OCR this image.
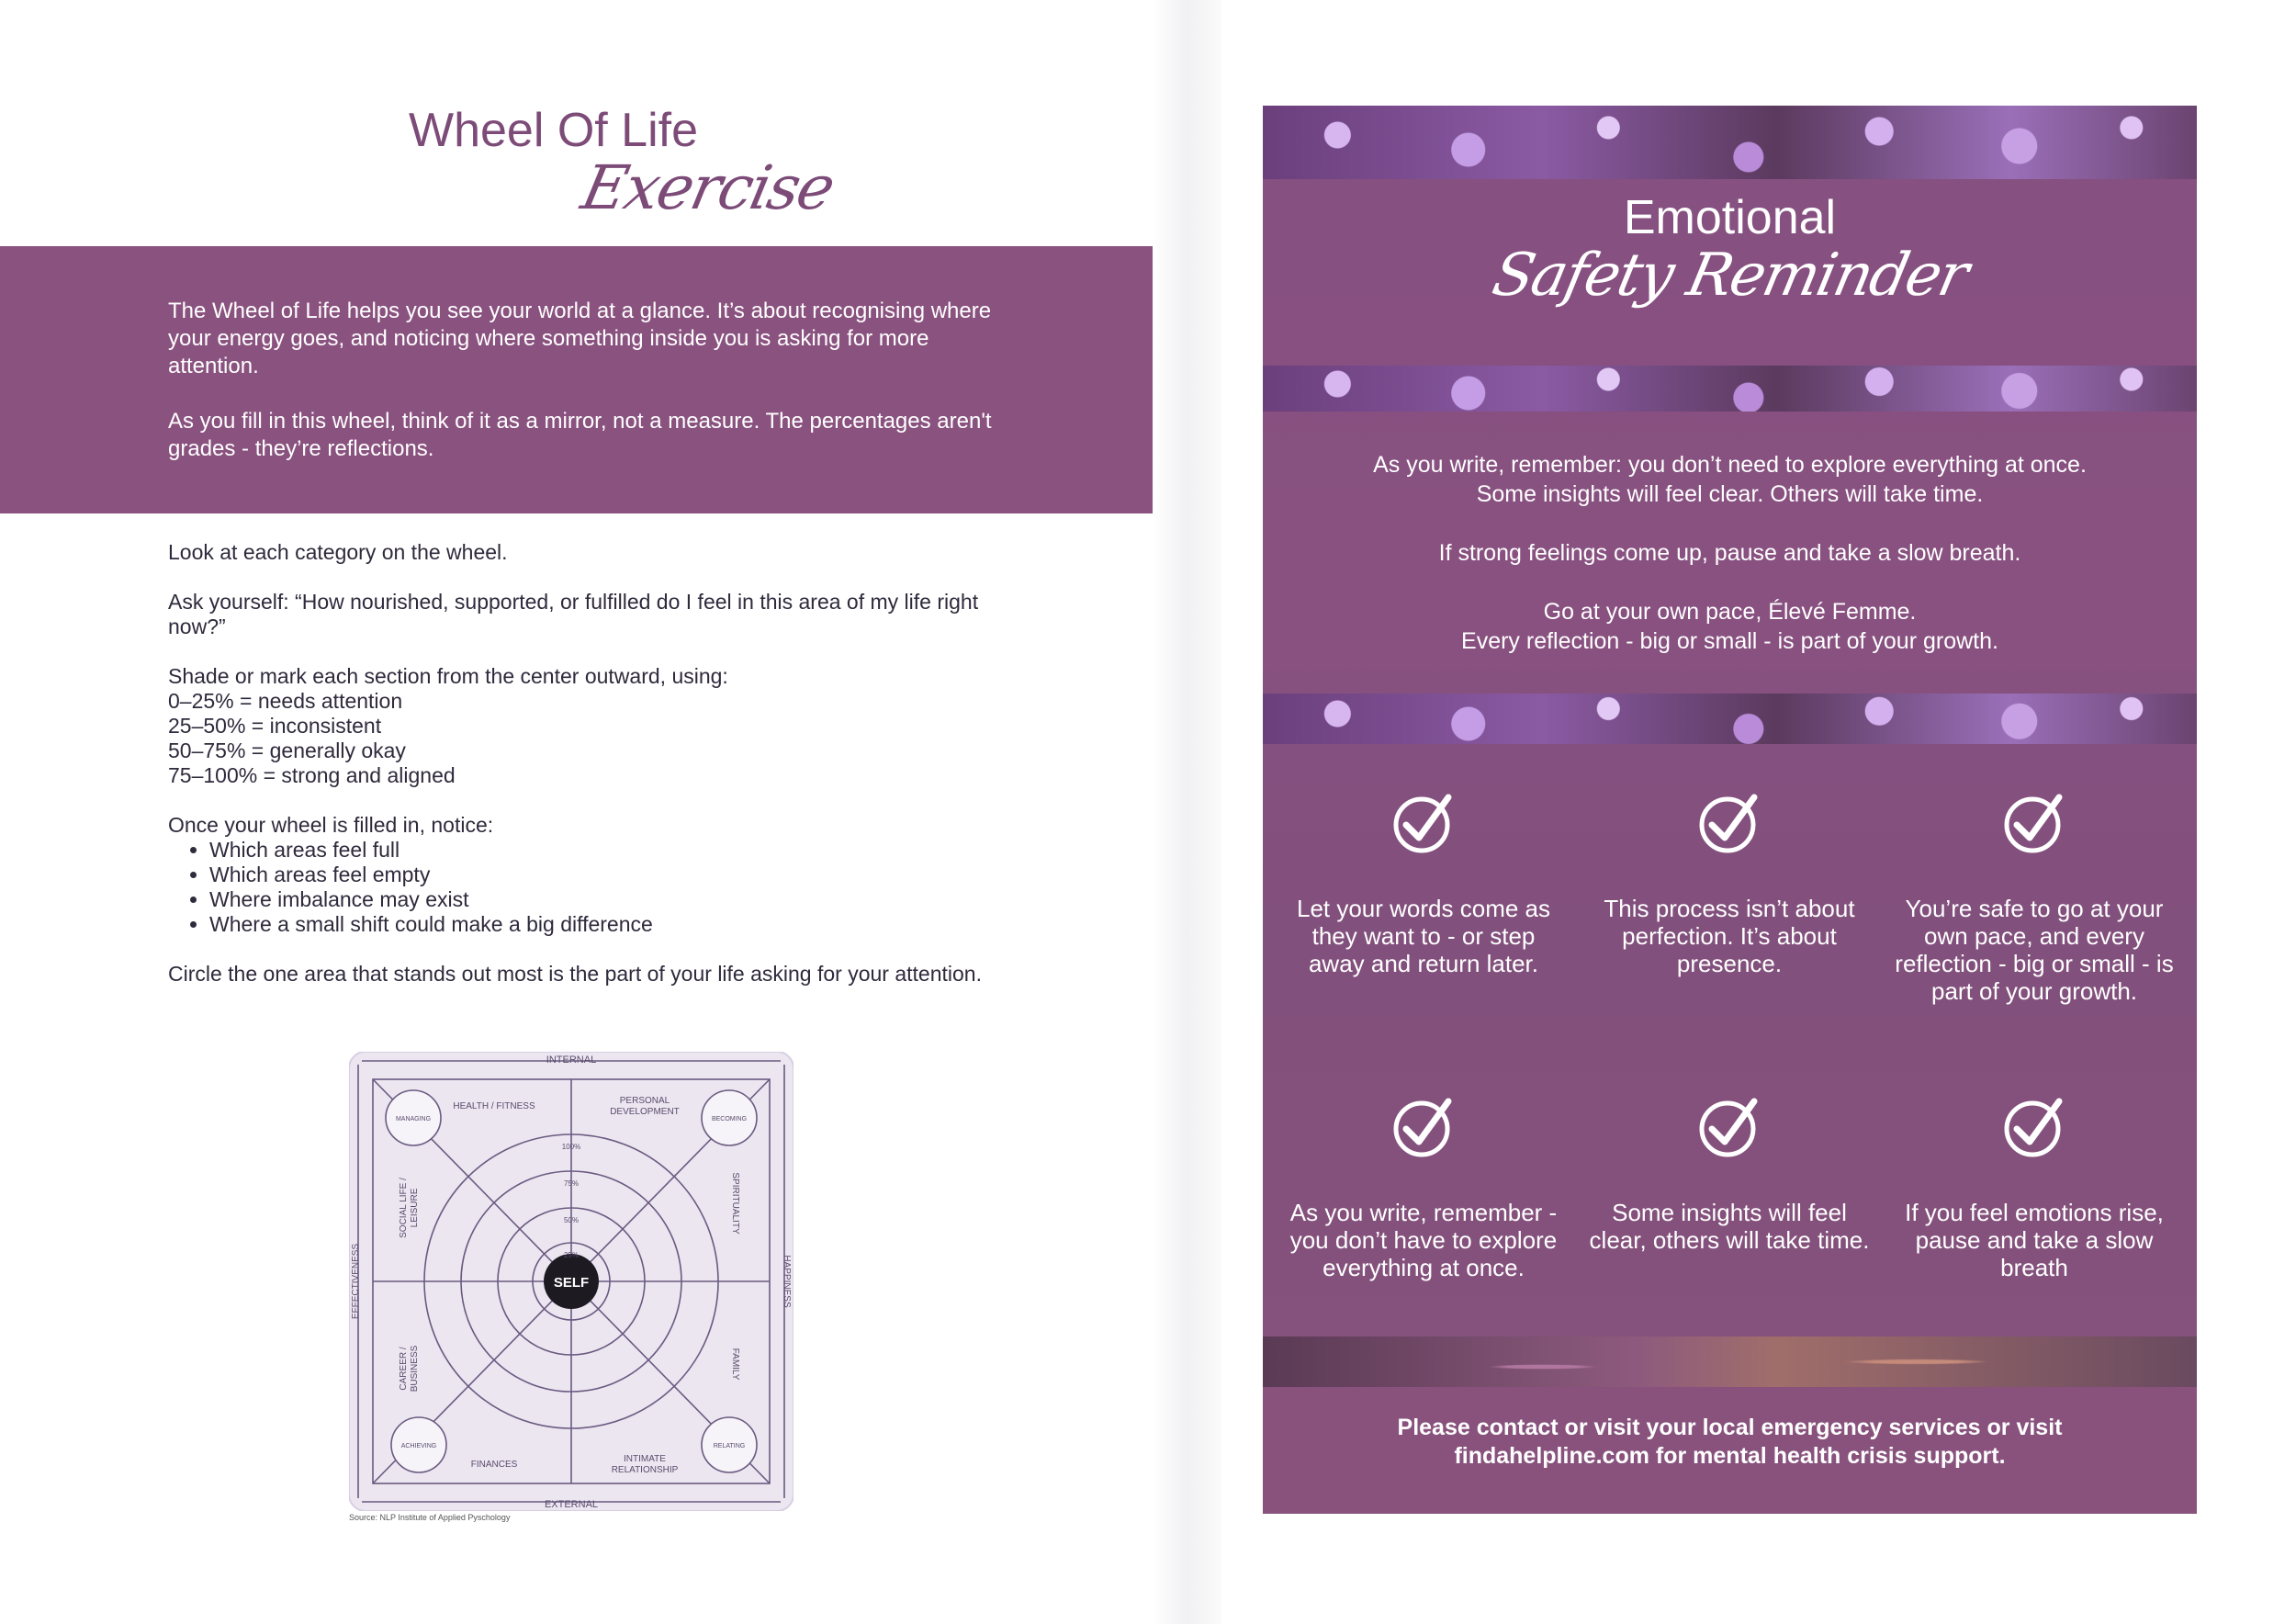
Wheel Of Life
Exercise

The Wheel of Life helps you see your world at a glance. It’s about recognising where your energy goes, and noticing where something inside you is asking for more attention.

As you fill in this wheel, think of it as a mirror, not a measure. The percentages aren't grades - they’re reflections.

Look at each category on the wheel.

Ask yourself: “How nourished, supported, or fulfilled do I feel in this area of my life right now?”

Shade or mark each section from the center outward, using:
0–25% = needs attention
25–50% = inconsistent
50–75% = generally okay
75–100% = strong and aligned
Once your wheel is filled in, notice:
• Which areas feel full
• Which areas feel empty
• Where imbalance may exist
• Where a small shift could make a big difference

Circle the one area that stands out most is the part of your life asking for your attention.

INTERNAL
EXTERNAL
EFFECTIVENESS	HAPPINESS
SELF
MANAGING	BECOMING
ACHIEVING	RELATING
HEALTH / FITNESS
PERSONAL
DEVELOPMENT
SOCIAL LIFE / LEISURE	SPIRITUALITY
CAREER / BUSINESS	FAMILY
FINANCES
INTIMATE
RELATIONSHIP
25%
50%
75%
100%
Source: NLP Institute of Applied Pyschology
Emotional
Safety Reminder

As you write, remember: you don’t need to explore everything at once.
Some insights will feel clear. Others will take time.

If strong feelings come up, pause and take a slow breath.

Go at your own pace, Élevé Femme.
Every reflection - big or small - is part of your growth.

Let your words come as they want to - or step away and return later.
This process isn’t about perfection. It’s about presence.
You’re safe to go at your own pace, and every reflection - big or small - is part of your growth.
As you write, remember - you don’t have to explore everything at once.
Some insights will feel clear, others will take time.
If you feel emotions rise, pause and take a slow breath
Please contact or visit your local emergency services or visit
findahelpline.com for mental health crisis support.
